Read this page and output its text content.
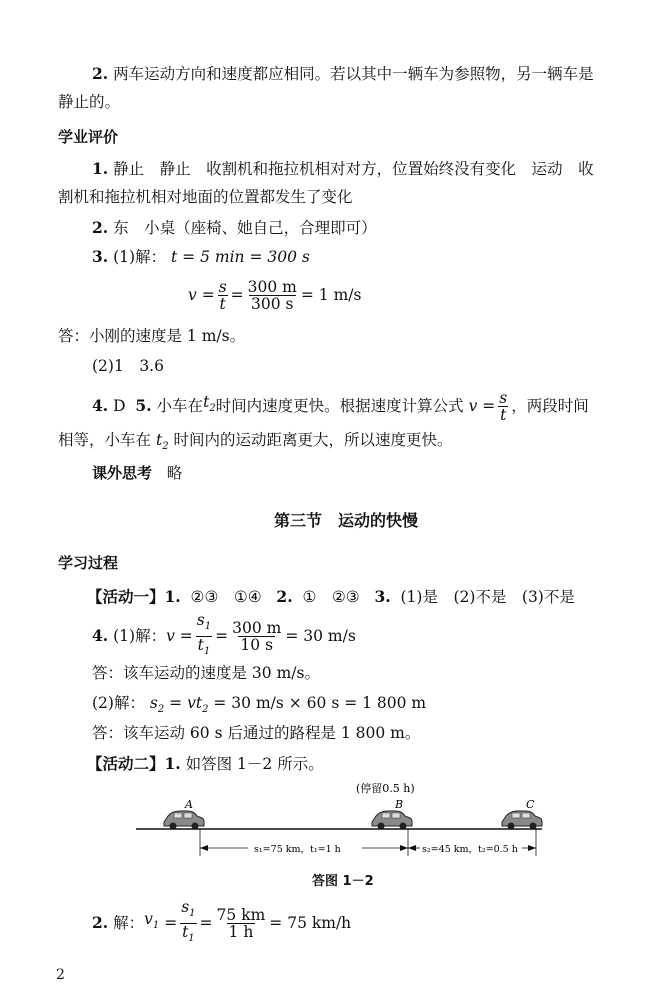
2. 两车运动方向和速度都应相同。若以其中一辆车为参照物，另一辆车是
静止的。
学业评价
1. 静止　静止　收割机和拖拉机相对对方，位置始终没有变化　运动　收
割机和拖拉机相对地面的位置都发生了变化
2. 东　小桌（座椅、她自己，合理即可）
3. (1)解： t = 5 min = 300 s
$v = \frac{s}{t} = \frac{300 m}{300 s} = 1$ m/s
答：小刚的速度是 1 m/s。
(2)1　3.6
4.
D
5.
小车在 $t_2$ 时间内速度更快。根据速度计算公式 $v = \frac{s}{t}$ ，两段时间
相等，小车在 $t_2$ 时间内的运动距离更大，所以速度更快。
课外思考 略
第三节　运动的快慢
学习过程
【活动一】1. ②③　①④ 2. ①　②③ 3. (1)是　(2)不是　(3)不是
4.
(1)解： $v = \frac{s_1}{t_1} = \frac{300 m}{10 s} = 30$ m/s
答：该车运动的速度是 30 m/s。
(2)解： $s_2 = vt_2 = 30$ m/s × 60 s = 1 800 m
答：该车运动 60 s 后通过的路程是 1 800 m。
【活动二】1. 如答图 1－2 所示。
(停留0.5 h)
A	B	C
s₁=75 km，t₁=1 h	s₂=45 km，t₂=0.5 h
答图 1－2
2.
解： $v_1 = \frac{s_1}{t_1} = \frac{75 km}{1 h} = 75$ km/h
2
